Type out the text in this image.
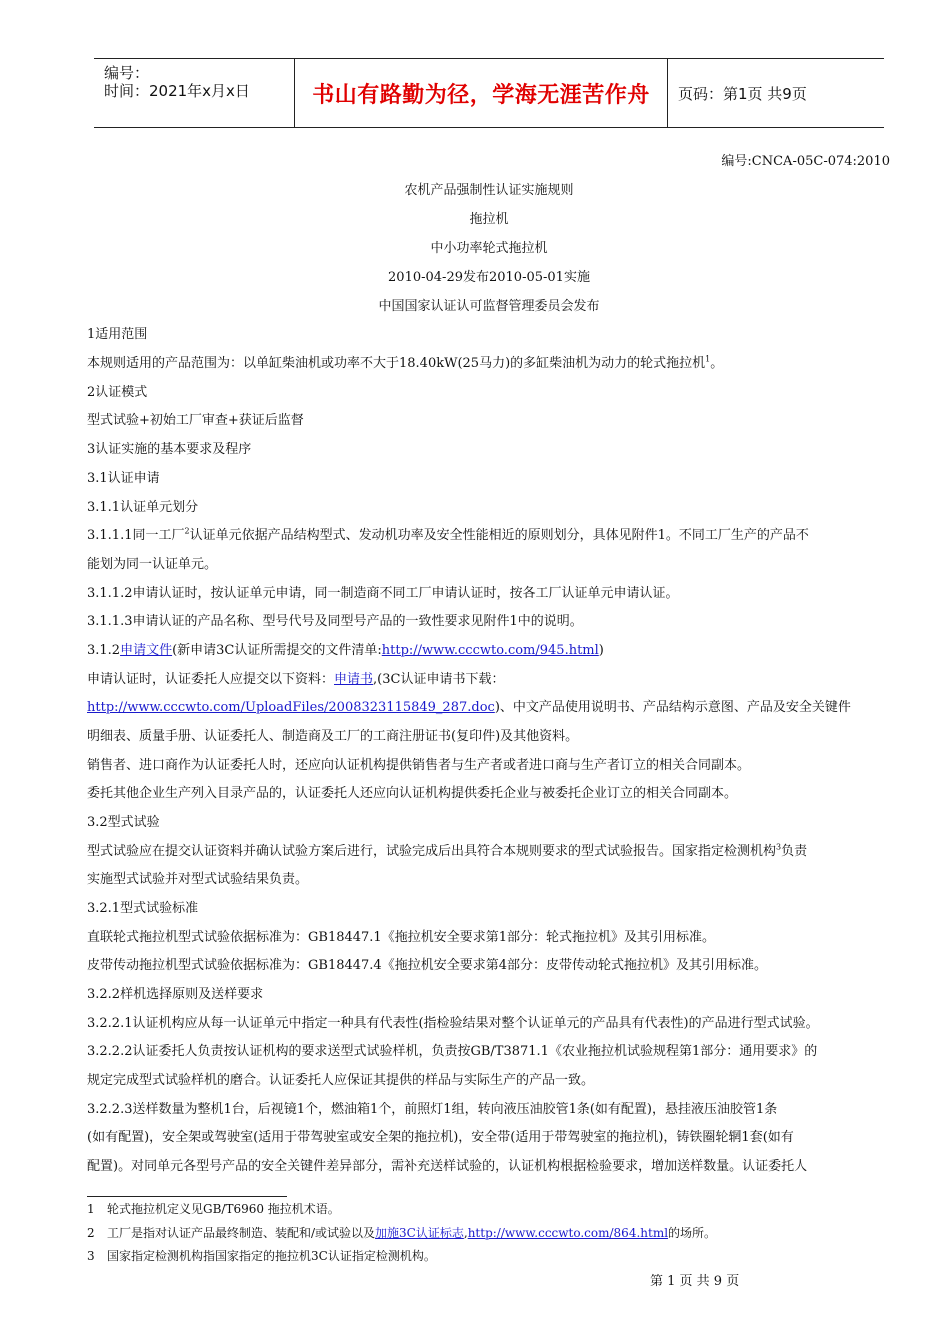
编号：
时间：2021年x月x日	书山有路勤为径，学海无涯苦作舟	页码：第1页 共9页
编号:CNCA-05C-074:2010
农机产品强制性认证实施规则
拖拉机
中小功率轮式拖拉机
2010-04-29发布2010-05-01实施
中国国家认证认可监督管理委员会发布
1适用范围
本规则适用的产品范围为：以单缸柴油机或功率不大于18.40kW(25马力)的多缸柴油机为动力的轮式拖拉机$^1$。
2认证模式
型式试验+初始工厂审查+获证后监督
3认证实施的基本要求及程序
3.1认证申请
3.1.1认证单元划分
3.1.1.1同一工厂$^2$认证单元依据产品结构型式、发动机功率及安全性能相近的原则划分，具体见附件1。不同工厂生产的产品不
能划为同一认证单元。
3.1.1.2申请认证时，按认证单元申请，同一制造商不同工厂申请认证时，按各工厂认证单元申请认证。
3.1.1.3申请认证的产品名称、型号代号及同型号产品的一致性要求见附件1中的说明。
3.1.2申请文件(新申请3C认证所需提交的文件清单:http://www.cccwto.com/945.html)
申请认证时，认证委托人应提交以下资料：申请书,(3C认证申请书下载：
http://www.cccwto.com/UploadFiles/2008323115849_287.doc)、中文产品使用说明书、产品结构示意图、产品及安全关键件
明细表、质量手册、认证委托人、制造商及工厂的工商注册证书(复印件)及其他资料。
销售者、进口商作为认证委托人时，还应向认证机构提供销售者与生产者或者进口商与生产者订立的相关合同副本。
委托其他企业生产列入目录产品的，认证委托人还应向认证机构提供委托企业与被委托企业订立的相关合同副本。
3.2型式试验
型式试验应在提交认证资料并确认试验方案后进行，试验完成后出具符合本规则要求的型式试验报告。国家指定检测机构$^3$负责
实施型式试验并对型式试验结果负责。
3.2.1型式试验标准
直联轮式拖拉机型式试验依据标准为：GB18447.1《拖拉机安全要求第1部分：轮式拖拉机》及其引用标准。
皮带传动拖拉机型式试验依据标准为：GB18447.4《拖拉机安全要求第4部分：皮带传动轮式拖拉机》及其引用标准。
3.2.2样机选择原则及送样要求
3.2.2.1认证机构应从每一认证单元中指定一种具有代表性(指检验结果对整个认证单元的产品具有代表性)的产品进行型式试验。
3.2.2.2认证委托人负责按认证机构的要求送型式试验样机，负责按GB/T3871.1《农业拖拉机试验规程第1部分：通用要求》的
规定完成型式试验样机的磨合。认证委托人应保证其提供的样品与实际生产的产品一致。
3.2.2.3送样数量为整机1台，后视镜1个，燃油箱1个，前照灯1组，转向液压油胶管1条(如有配置)，悬挂液压油胶管1条
(如有配置)，安全架或驾驶室(适用于带驾驶室或安全架的拖拉机)，安全带(适用于带驾驶室的拖拉机)，铸铁圈轮辋1套(如有
配置)。对同单元各型号产品的安全关键件差异部分，需补充送样试验的，认证机构根据检验要求，增加送样数量。认证委托人
1 轮式拖拉机定义见GB/T6960 拖拉机术语。
2 工厂是指对认证产品最终制造、装配和/或试验以及加施3C认证标志,http://www.cccwto.com/864.html的场所。
3 国家指定检测机构指国家指定的拖拉机3C认证指定检测机构。
第 1 页 共 9 页
